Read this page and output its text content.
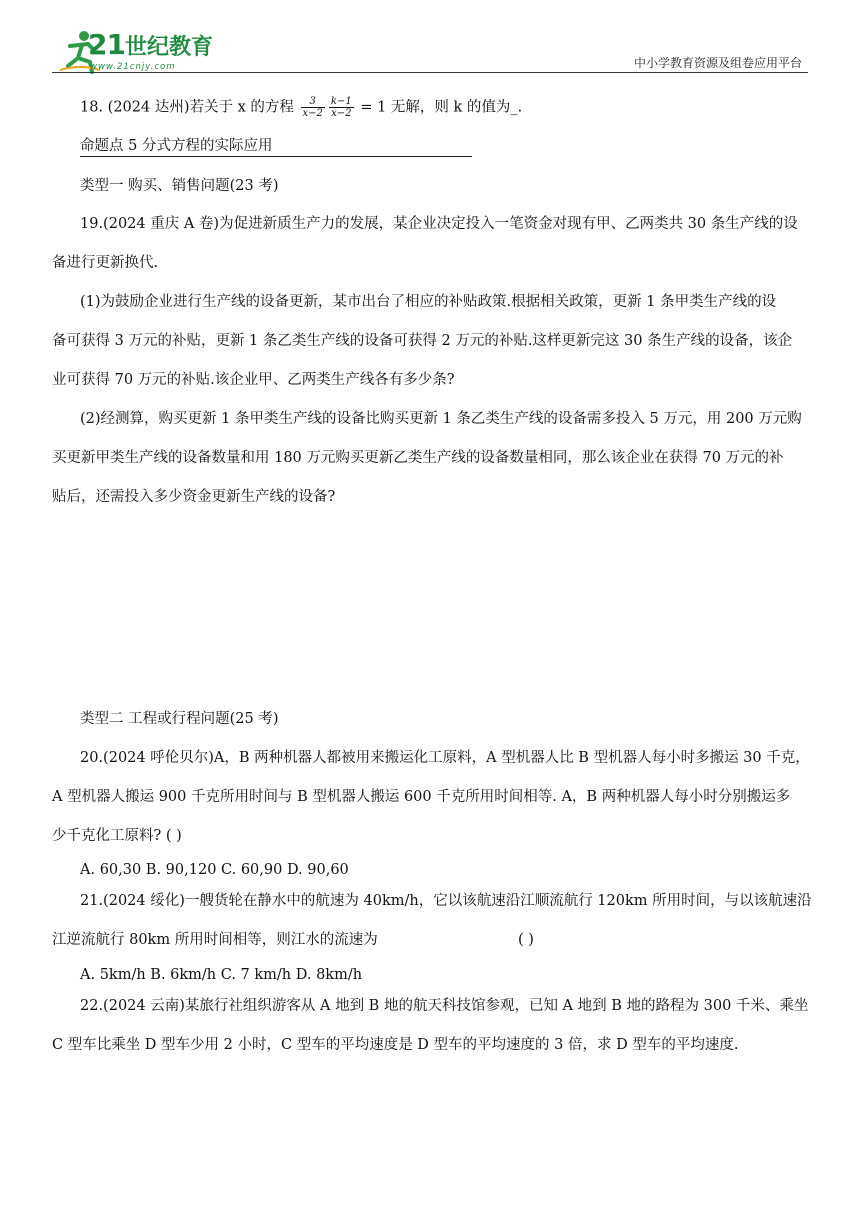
21世纪教育
www.21cnjy.com	中小学教育资源及组卷应用平台
18. (2024 达州)若关于 x 的方程 $\frac{3}{x-2} \frac{k-1}{x-2} = 1$ 无解，则 k 的值为_.
命题点 5 分式方程的实际应用
类型一 购买、销售问题(23 考)
19.(2024 重庆 A 卷)为促进新质生产力的发展，某企业决定投入一笔资金对现有甲、乙两类共 30 条生产线的设
备进行更新换代.
(1)为鼓励企业进行生产线的设备更新，某市出台了相应的补贴政策.根据相关政策，更新 1 条甲类生产线的设
备可获得 3 万元的补贴，更新 1 条乙类生产线的设备可获得 2 万元的补贴.这样更新完这 30 条生产线的设备，该企
业可获得 70 万元的补贴.该企业甲、乙两类生产线各有多少条?
(2)经测算，购买更新 1 条甲类生产线的设备比购买更新 1 条乙类生产线的设备需多投入 5 万元，用 200 万元购
买更新甲类生产线的设备数量和用 180 万元购买更新乙类生产线的设备数量相同，那么该企业在获得 70 万元的补
贴后，还需投入多少资金更新生产线的设备?
类型二 工程或行程问题(25 考)
20.(2024 呼伦贝尔)A，B 两种机器人都被用来搬运化工原料，A 型机器人比 B 型机器人每小时多搬运 30 千克，
A 型机器人搬运 900 千克所用时间与 B 型机器人搬运 600 千克所用时间相等. A，B 两种机器人每小时分别搬运多
少千克化工原料? ( )
A. 60,30 B. 90,120 C. 60,90 D. 90,60
21.(2024 绥化)一艘货轮在静水中的航速为 40km/h，它以该航速沿江顺流航行 120km 所用时间，与以该航速沿
江逆流航行 80km 所用时间相等，则江水的流速为	( )
A. 5km/h B. 6km/h C. 7 km/h D. 8km/h
22.(2024 云南)某旅行社组织游客从 A 地到 B 地的航天科技馆参观，已知 A 地到 B 地的路程为 300 千米、乘坐
C 型车比乘坐 D 型车少用 2 小时，C 型车的平均速度是 D 型车的平均速度的 3 倍，求 D 型车的平均速度.
